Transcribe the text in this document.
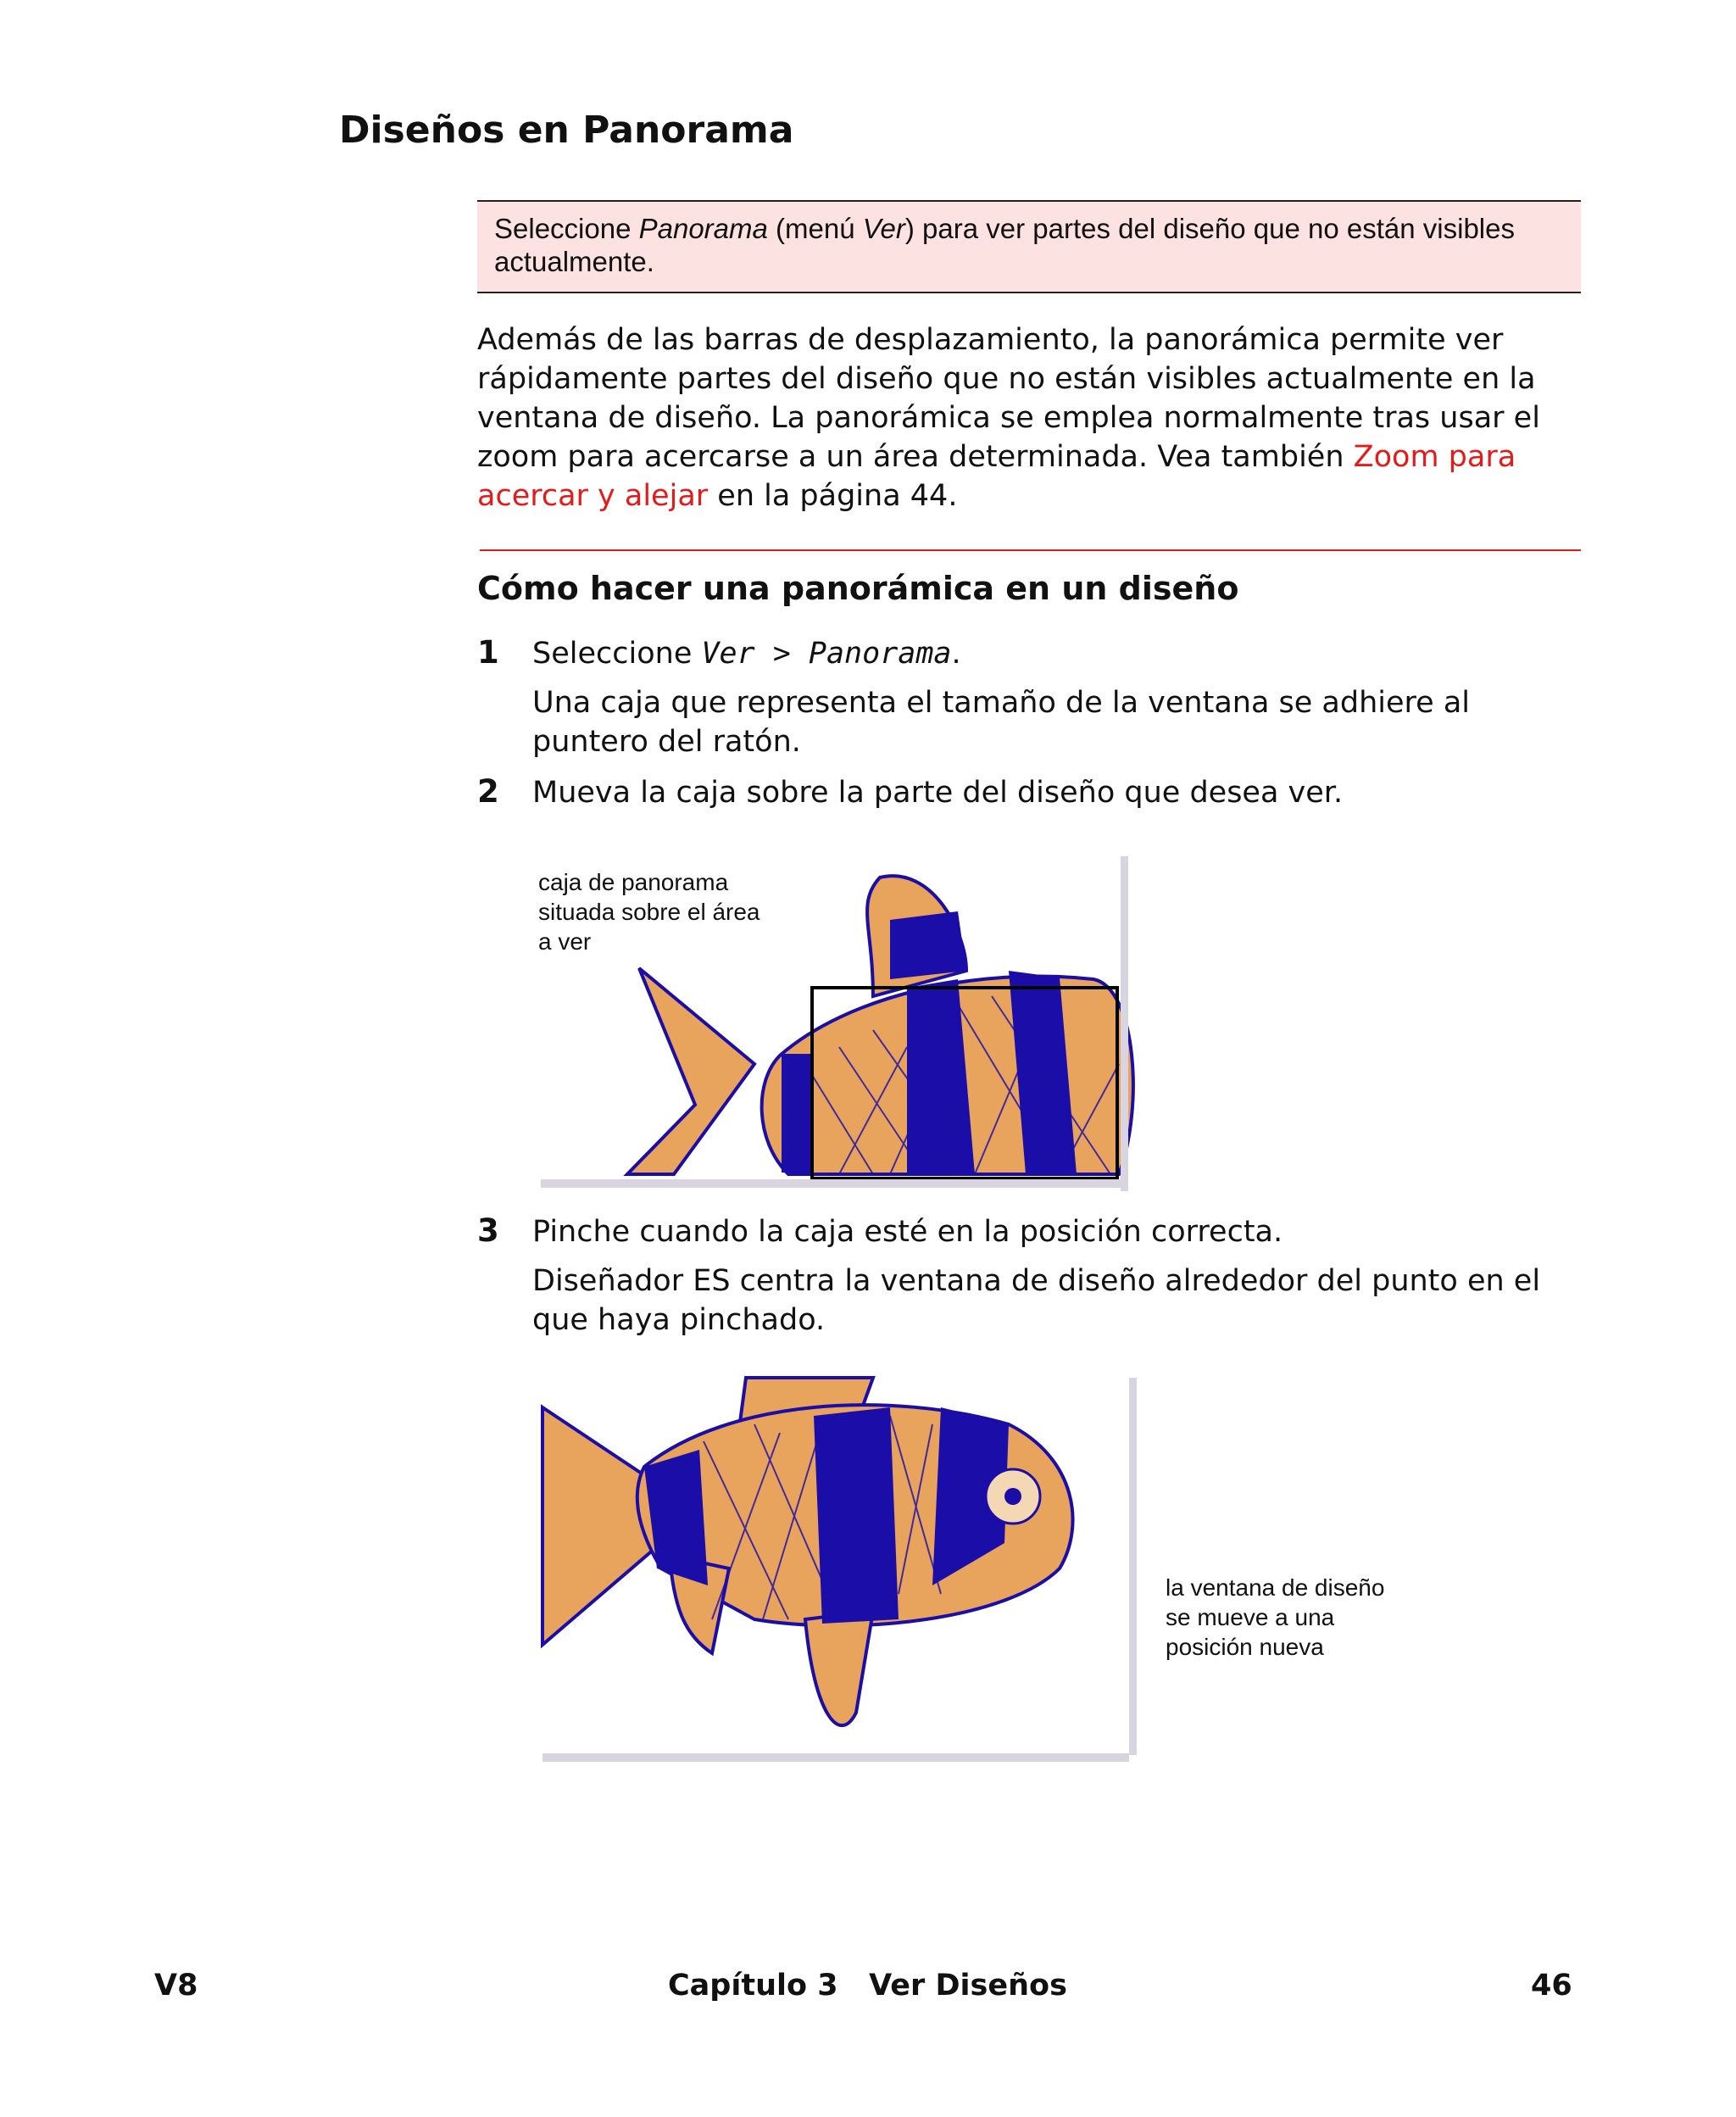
Diseños en Panorama
Seleccione Panorama (menú Ver) para ver partes del diseño que no están visibles actualmente.

Además de las barras de desplazamiento, la panorámica permite ver rápidamente partes del diseño que no están visibles actualmente en la ventana de diseño. La panorámica se emplea normalmente tras usar el zoom para acercarse a un área determinada. Vea también Zoom para acercar y alejar en la página 44.

Cómo hacer una panorámica en un diseño
1 Seleccione Ver > Panorama.
Una caja que representa el tamaño de la ventana se adhiere al puntero del ratón.
2 Mueva la caja sobre la parte del diseño que desea ver.
caja de panorama
situada sobre el área
a ver
3 Pinche cuando la caja esté en la posición correcta.
Diseñador ES centra la ventana de diseño alrededor del punto en el que haya pinchado.
la ventana de diseño
se mueve a una
posición nueva
V8	Capítulo 3   Ver Diseños	46
